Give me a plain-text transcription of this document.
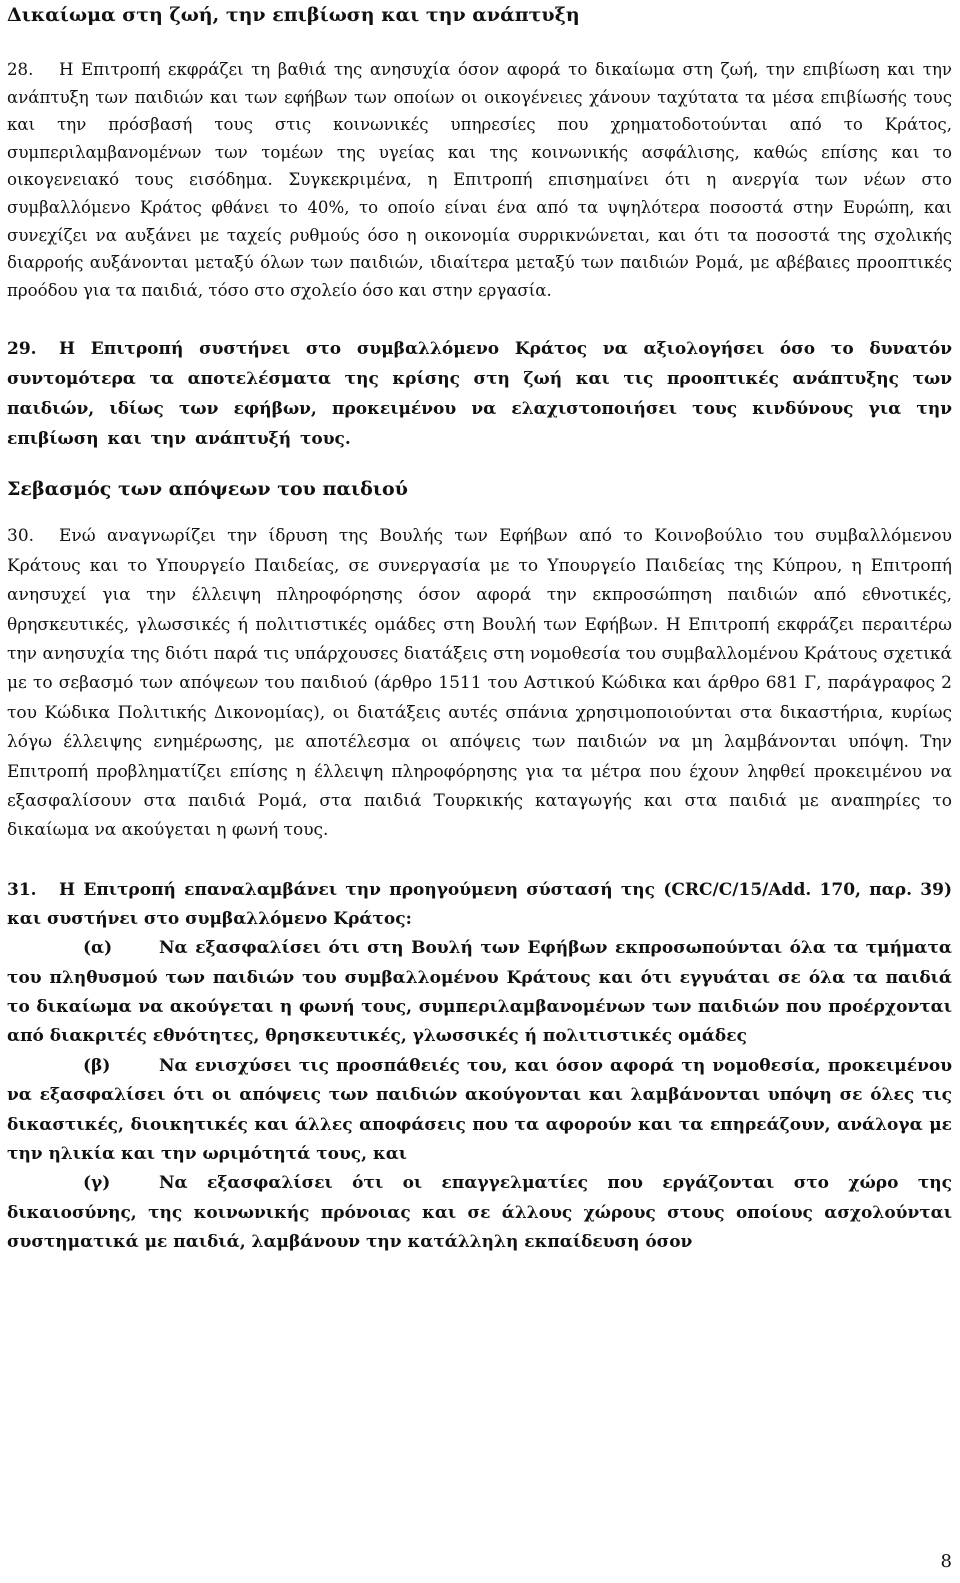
Δικαίωμα στη ζωή, την επιβίωση και την ανάπτυξη

28. Η Επιτροπή εκφράζει τη βαθιά της ανησυχία όσον αφορά το δικαίωμα στη ζωή, την επιβίωση και την ανάπτυξη των παιδιών και των εφήβων των οποίων οι οικογένειες χάνουν ταχύτατα τα μέσα επιβίωσής τους και την πρόσβασή τους στις κοινωνικές υπηρεσίες που χρηματοδοτούνται από το Κράτος, συμπεριλαμβανομένων των τομέων της υγείας και της κοινωνικής ασφάλισης, καθώς επίσης και το οικογενειακό τους εισόδημα. Συγκεκριμένα, η Επιτροπή επισημαίνει ότι η ανεργία των νέων στο συμβαλλόμενο Κράτος φθάνει το 40%, το οποίο είναι ένα από τα υψηλότερα ποσοστά στην Ευρώπη, και συνεχίζει να αυξάνει με ταχείς ρυθμούς όσο η οικονομία συρρικνώνεται, και ότι τα ποσοστά της σχολικής διαρροής αυξάνονται μεταξύ όλων των παιδιών, ιδιαίτερα μεταξύ των παιδιών Ρομά, με αβέβαιες προοπτικές προόδου για τα παιδιά, τόσο στο σχολείο όσο και στην εργασία.

29. Η Επιτροπή συστήνει στο συμβαλλόμενο Κράτος να αξιολογήσει όσο το δυνατόν συντομότερα τα αποτελέσματα της κρίσης στη ζωή και τις προοπτικές ανάπτυξης των παιδιών, ιδίως των εφήβων, προκειμένου να ελαχιστοποιήσει τους κινδύνους για την επιβίωση και την ανάπτυξή τους.

Σεβασμός των απόψεων του παιδιού

30. Ενώ αναγνωρίζει την ίδρυση της Βουλής των Εφήβων από το Κοινοβούλιο του συμβαλλόμενου Κράτους και το Υπουργείο Παιδείας, σε συνεργασία με το Υπουργείο Παιδείας της Κύπρου, η Επιτροπή ανησυχεί για την έλλειψη πληροφόρησης όσον αφορά την εκπροσώπηση παιδιών από εθνοτικές, θρησκευτικές, γλωσσικές ή πολιτιστικές ομάδες στη Βουλή των Εφήβων. Η Επιτροπή εκφράζει περαιτέρω την ανησυχία της διότι παρά τις υπάρχουσες διατάξεις στη νομοθεσία του συμβαλλομένου Κράτους σχετικά με το σεβασμό των απόψεων του παιδιού (άρθρο 1511 του Αστικού Κώδικα και άρθρο 681 Γ, παράγραφος 2 του Κώδικα Πολιτικής Δικονομίας), οι διατάξεις αυτές σπάνια χρησιμοποιούνται στα δικαστήρια, κυρίως λόγω έλλειψης ενημέρωσης, με αποτέλεσμα οι απόψεις των παιδιών να μη λαμβάνονται υπόψη. Την Επιτροπή προβληματίζει επίσης η έλλειψη πληροφόρησης για τα μέτρα που έχουν ληφθεί προκειμένου να εξασφαλίσουν στα παιδιά Ρομά, στα παιδιά Τουρκικής καταγωγής και στα παιδιά με αναπηρίες το δικαίωμα να ακούγεται η φωνή τους.

31. Η Επιτροπή επαναλαμβάνει την προηγούμενη σύστασή της (CRC/C/15/Add. 170, παρ. 39) και συστήνει στο συμβαλλόμενο Κράτος:

(α)	Να εξασφαλίσει ότι στη Βουλή των Εφήβων εκπροσωπούνται όλα τα τμήματα του πληθυσμού των παιδιών του συμβαλλομένου Κράτους και ότι εγγυάται σε όλα τα παιδιά το δικαίωμα να ακούγεται η φωνή τους, συμπεριλαμβανομένων των παιδιών που προέρχονται από διακριτές εθνότητες, θρησκευτικές, γλωσσικές ή πολιτιστικές ομάδες

(β)	Να ενισχύσει τις προσπάθειές του, και όσον αφορά τη νομοθεσία, προκειμένου να εξασφαλίσει ότι οι απόψεις των παιδιών ακούγονται και λαμβάνονται υπόψη σε όλες τις δικαστικές, διοικητικές και άλλες αποφάσεις που τα αφορούν και τα επηρεάζουν, ανάλογα με την ηλικία και την ωριμότητά τους, και

(γ)	Να εξασφαλίσει ότι οι επαγγελματίες που εργάζονται στο χώρο της δικαιοσύνης, της κοινωνικής πρόνοιας και σε άλλους χώρους στους οποίους ασχολούνται συστηματικά με παιδιά, λαμβάνουν την κατάλληλη εκπαίδευση όσον

8
